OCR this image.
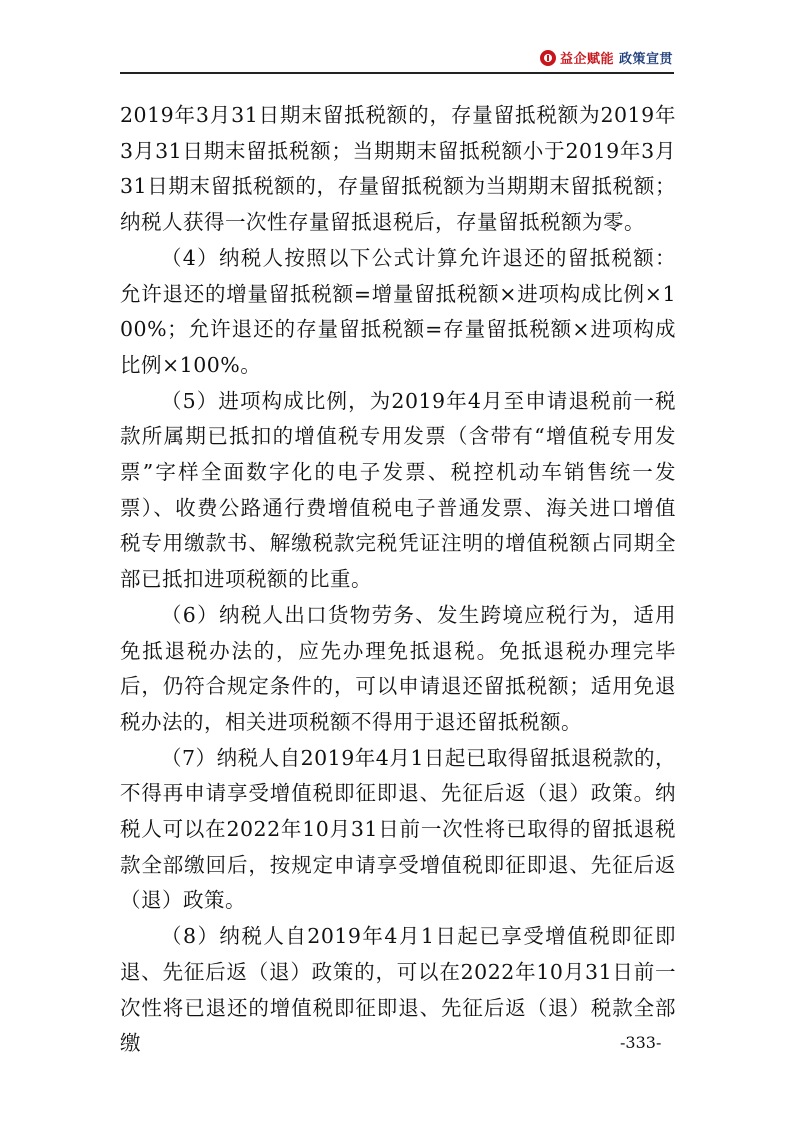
益企赋能 政策宣贯

2019年3月31日期末留抵税额的，存量留抵税额为2019年3月31日期末留抵税额；当期期末留抵税额小于2019年3月31日期末留抵税额的，存量留抵税额为当期期末留抵税额；纳税人获得一次性存量留抵退税后，存量留抵税额为零。

（4）纳税人按照以下公式计算允许退还的留抵税额：允许退还的增量留抵税额=增量留抵税额×进项构成比例×100%；允许退还的存量留抵税额=存量留抵税额×进项构成比例×100%。

（5）进项构成比例，为2019年4月至申请退税前一税款所属期已抵扣的增值税专用发票（含带有“增值税专用发票”字样全面数字化的电子发票、税控机动车销售统一发票）、收费公路通行费增值税电子普通发票、海关进口增值税专用缴款书、解缴税款完税凭证注明的增值税额占同期全部已抵扣进项税额的比重。

（6）纳税人出口货物劳务、发生跨境应税行为，适用免抵退税办法的，应先办理免抵退税。免抵退税办理完毕后，仍符合规定条件的，可以申请退还留抵税额；适用免退税办法的，相关进项税额不得用于退还留抵税额。

（7）纳税人自2019年4月1日起已取得留抵退税款的，不得再申请享受增值税即征即退、先征后返（退）政策。纳税人可以在2022年10月31日前一次性将已取得的留抵退税款全部缴回后，按规定申请享受增值税即征即退、先征后返（退）政策。

（8）纳税人自2019年4月1日起已享受增值税即征即退、先征后返（退）政策的，可以在2022年10月31日前一次性将已退还的增值税即征即退、先征后返（退）税款全部缴	-333-
